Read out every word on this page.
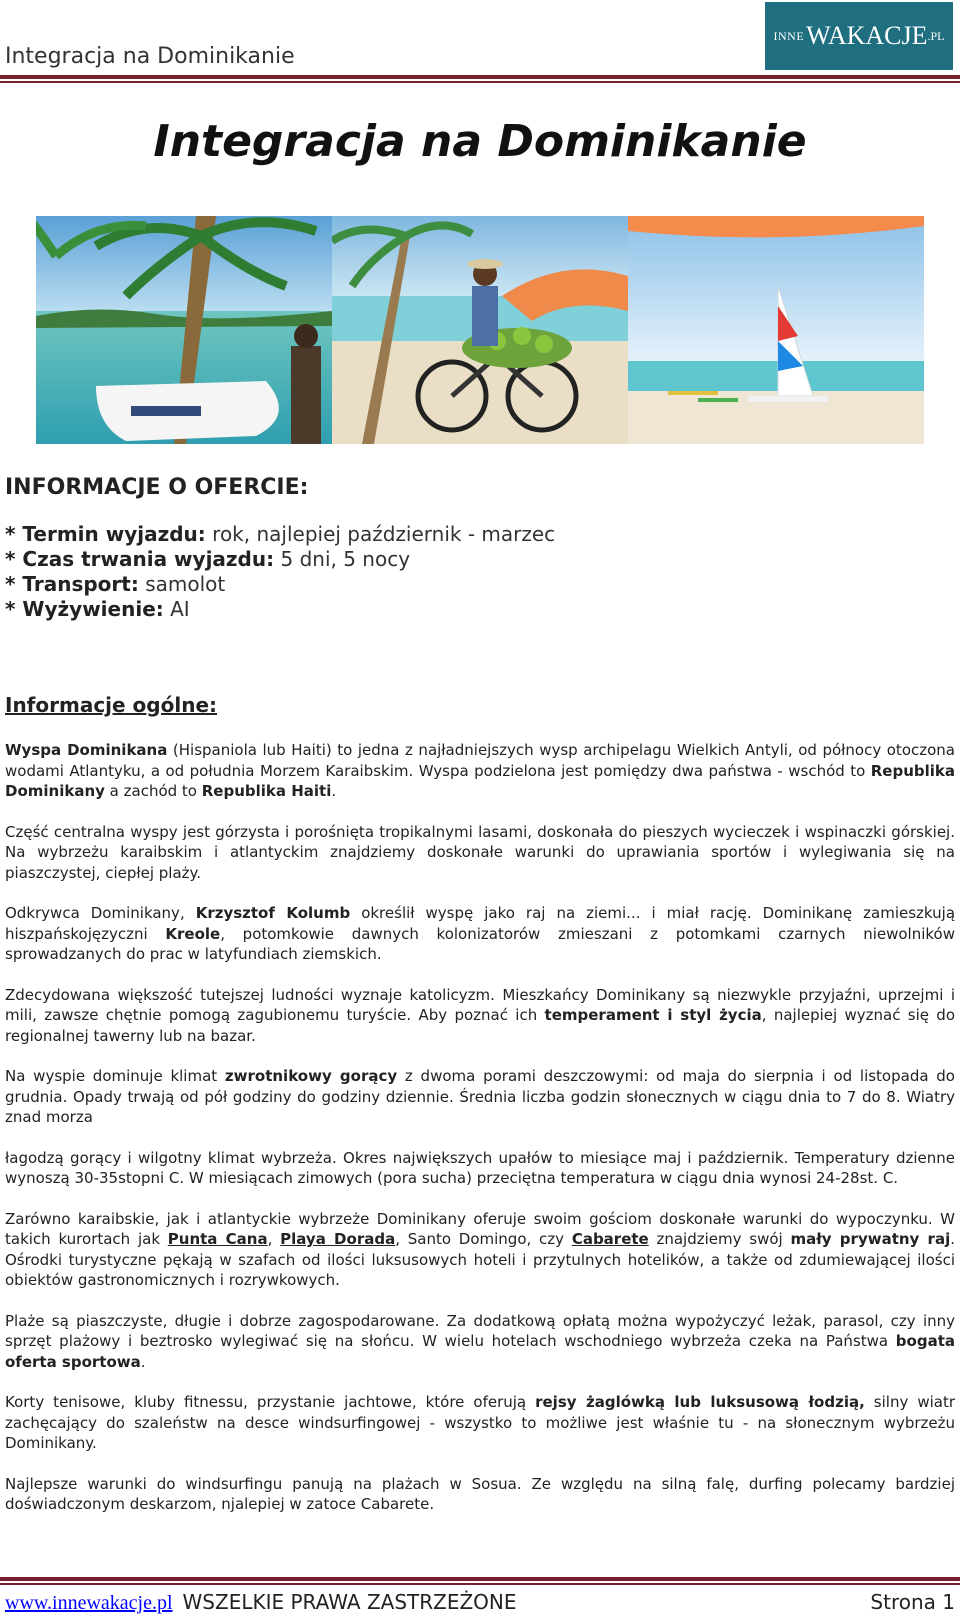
Integracja na Dominikanie
INNE WAKACJE .PL
Integracja na Dominikanie
INFORMACJE O OFERCIE:
* Termin wyjazdu: rok, najlepiej październik - marzec
* Czas trwania wyjazdu: 5 dni, 5 nocy
* Transport: samolot
* Wyżywienie: AI
Informacje ogólne:

Wyspa Dominikana (Hispaniola lub Haiti) to jedna z najładniejszych wysp archipelagu Wielkich Antyli, od północy otoczona wodami Atlantyku, a od południa Morzem Karaibskim. Wyspa podzielona jest pomiędzy dwa państwa - wschód to Republika Dominikany a zachód to Republika Haiti.

Część centralna wyspy jest górzysta i porośnięta tropikalnymi lasami, doskonała do pieszych wycieczek i wspinaczki górskiej. Na wybrzeżu karaibskim i atlantyckim znajdziemy doskonałe warunki do uprawiania sportów i wylegiwania się na piaszczystej, ciepłej plaży.

Odkrywca Dominikany, Krzysztof Kolumb określił wyspę jako raj na ziemi... i miał rację. Dominikanę zamieszkują hiszpańskojęzyczni Kreole, potomkowie dawnych kolonizatorów zmieszani z potomkami czarnych niewolników sprowadzanych do prac w latyfundiach ziemskich.

Zdecydowana większość tutejszej ludności wyznaje katolicyzm. Mieszkańcy Dominikany są niezwykle przyjaźni, uprzejmi i mili, zawsze chętnie pomogą zagubionemu turyście. Aby poznać ich temperament i styl życia, najlepiej wyznać się do regionalnej tawerny lub na bazar.

Na wyspie dominuje klimat zwrotnikowy gorący z dwoma porami deszczowymi: od maja do sierpnia i od listopada do grudnia. Opady trwają od pół godziny do godziny dziennie. Średnia liczba godzin słonecznych w ciągu dnia to 7 do 8. Wiatry znad morza

łagodzą gorący i wilgotny klimat wybrzeża. Okres największych upałów to miesiące maj i październik. Temperatury dzienne wynoszą 30-35stopni C. W miesiącach zimowych (pora sucha) przeciętna temperatura w ciągu dnia wynosi 24-28st. C.

Zarówno karaibskie, jak i atlantyckie wybrzeże Dominikany oferuje swoim gościom doskonałe warunki do wypoczynku. W takich kurortach jak Punta Cana, Playa Dorada, Santo Domingo, czy Cabarete znajdziemy swój mały prywatny raj. Ośrodki turystyczne pękają w szafach od ilości luksusowych hoteli i przytulnych hotelików, a także od zdumiewającej ilości obiektów gastronomicznych i rozrywkowych.

Plaże są piaszczyste, długie i dobrze zagospodarowane. Za dodatkową opłatą można wypożyczyć leżak, parasol, czy inny sprzęt plażowy i beztrosko wylegiwać się na słońcu. W wielu hotelach wschodniego wybrzeża czeka na Państwa bogata oferta sportowa.

Korty tenisowe, kluby fitnessu, przystanie jachtowe, które oferują rejsy żaglówką lub luksusową łodzią, silny wiatr zachęcający do szaleństw na desce windsurfingowej - wszystko to możliwe jest właśnie tu - na słonecznym wybrzeżu Dominikany.

Najlepsze warunki do windsurfingu panują na plażach w Sosua. Ze względu na silną falę, durfing polecamy bardziej doświadczonym deskarzom, njalepiej w zatoce Cabarete.

www.innewakacje.pl WSZELKIE PRAWA ZASTRZEŻONE	Strona 1
